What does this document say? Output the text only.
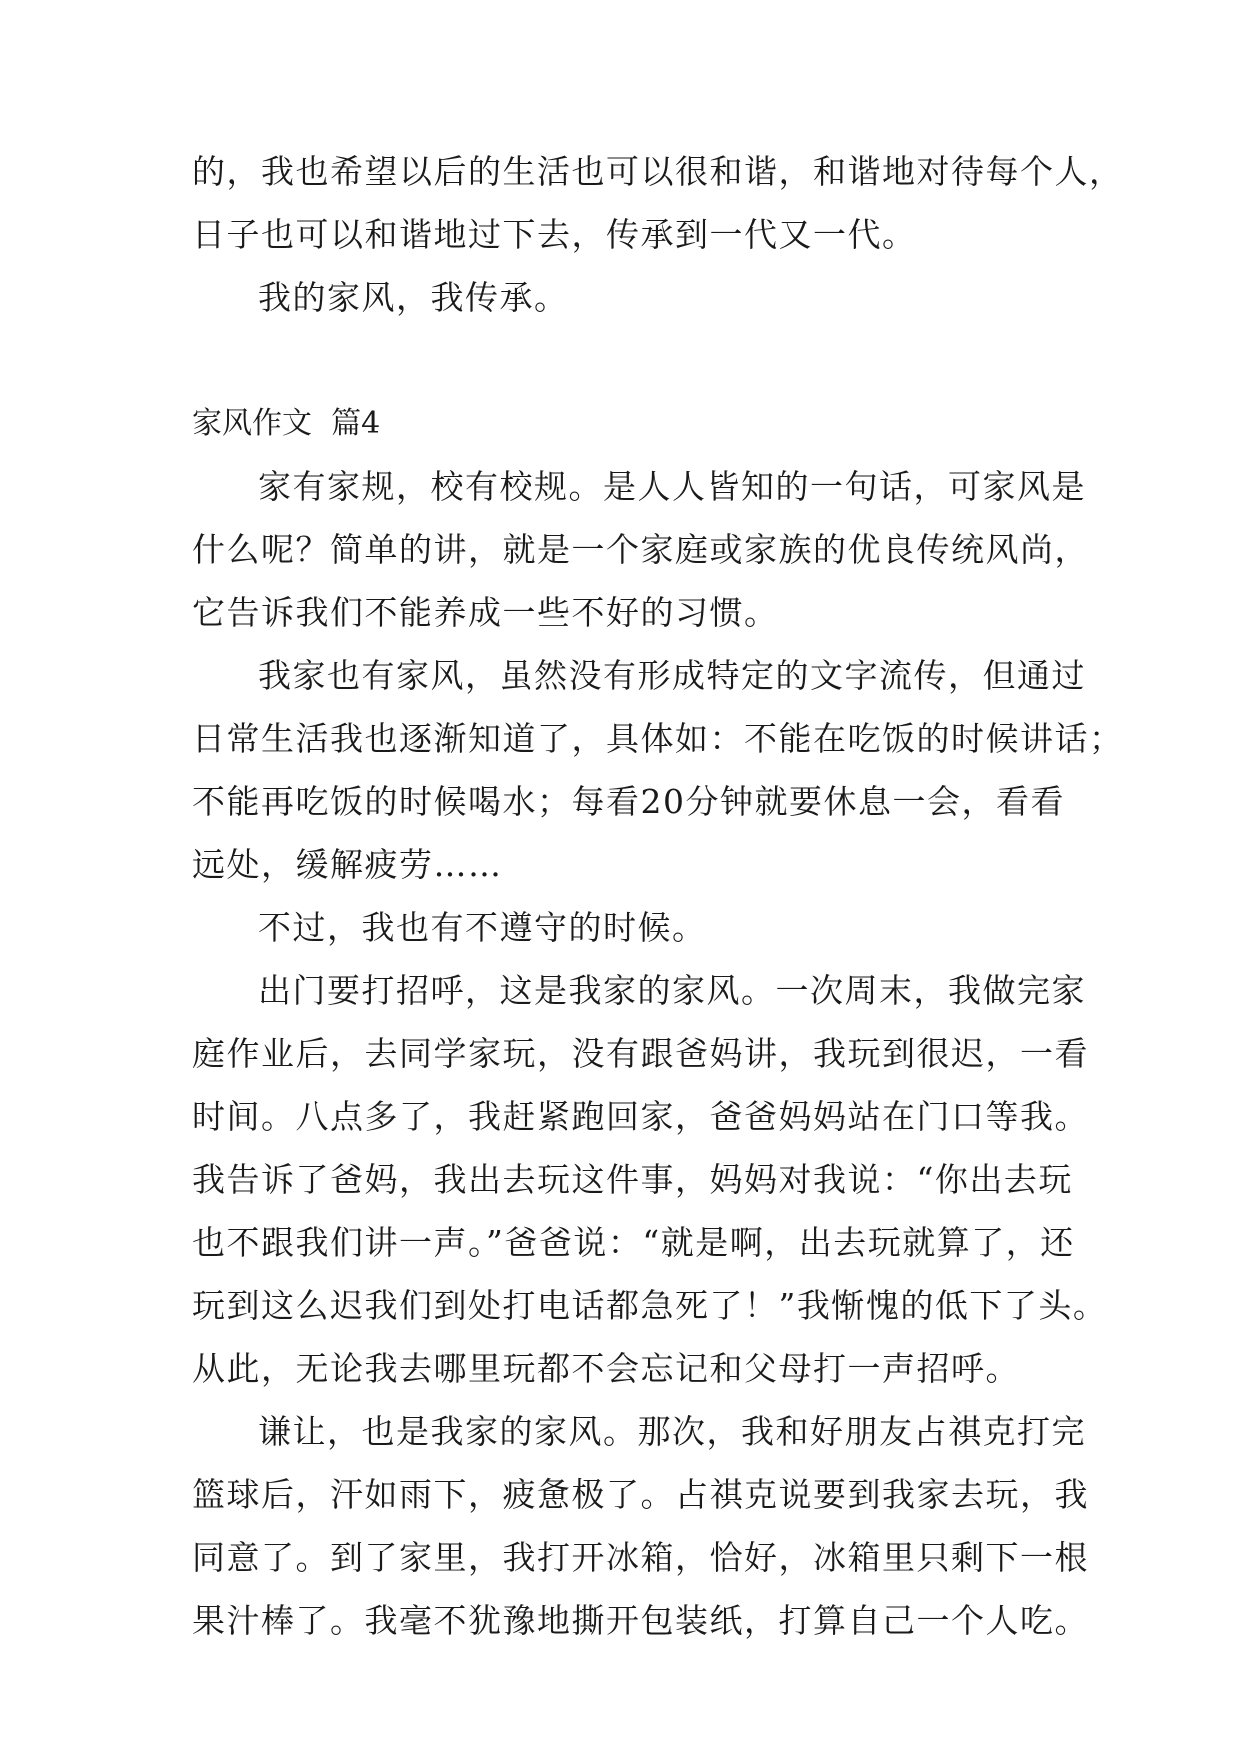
的，我也希望以后的生活也可以很和谐，和谐地对待每个人，
日子也可以和谐地过下去，传承到一代又一代。
我的家风，我传承。
家风作文  篇4
家有家规，校有校规。是人人皆知的一句话，可家风是
什么呢？简单的讲，就是一个家庭或家族的优良传统风尚，
它告诉我们不能养成一些不好的习惯。
我家也有家风，虽然没有形成特定的文字流传，但通过
日常生活我也逐渐知道了，具体如：不能在吃饭的时候讲话；
不能再吃饭的时候喝水；每看20分钟就要休息一会，看看
远处，缓解疲劳……
不过，我也有不遵守的时候。
出门要打招呼，这是我家的家风。一次周末，我做完家
庭作业后，去同学家玩，没有跟爸妈讲，我玩到很迟，一看
时间。八点多了，我赶紧跑回家，爸爸妈妈站在门口等我。
我告诉了爸妈，我出去玩这件事，妈妈对我说：“你出去玩
也不跟我们讲一声。”爸爸说：“就是啊，出去玩就算了，还
玩到这么迟我们到处打电话都急死了！”我惭愧的低下了头。
从此，无论我去哪里玩都不会忘记和父母打一声招呼。
谦让，也是我家的家风。那次，我和好朋友占祺克打完
篮球后，汗如雨下，疲惫极了。占祺克说要到我家去玩，我
同意了。到了家里，我打开冰箱，恰好，冰箱里只剩下一根
果汁棒了。我毫不犹豫地撕开包装纸，打算自己一个人吃。
